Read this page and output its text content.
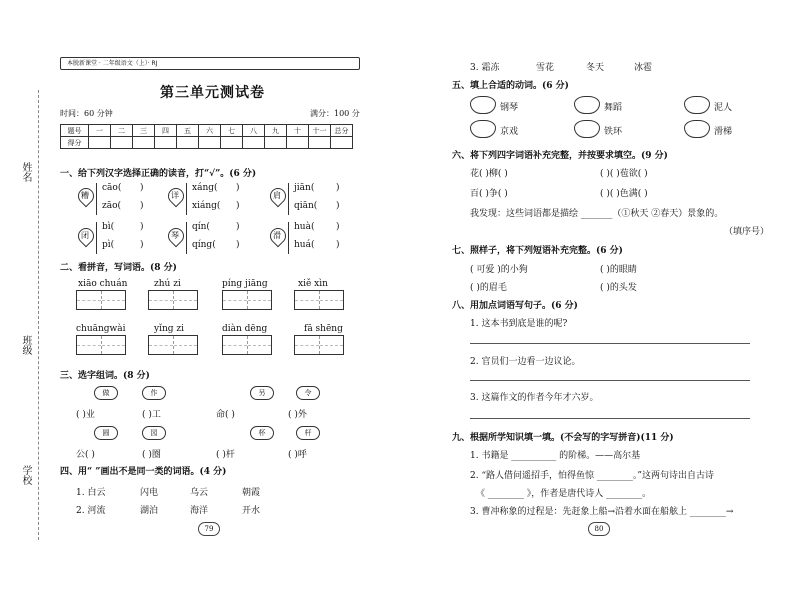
姓名
班级
学校
本脱新课堂 · 二年级语文（上）· RJ
第三单元测试卷
时间：60 分钟	满分：100 分
题号	一	二	三	四	五	六	七	八	九	十	十一	总分
得分												
一、给下列汉字选择正确的读音，打“√”。(6 分)
糟
cāo( )
zāo( )
详
xáng( )
xiáng( )
肩
jiān( )
qiān( )
闭
bì(	)
pì(	)
琴
qín(	)
qíng( )
滑
huà( )
huá( )
二、看拼音，写词语。(8 分)
xiāo chuán	zhú zi	píng jiāng	xiě xìn
chuāngwài	yǐng zi	diàn dēng	fā shēng
三、选字组词。(8 分)
做	作	另	令
( )业	( )工	命( )	( )外
圆	园	杯	杆
公( )	( )圈	( )杆	( )呼
四、用“ ”画出不是同一类的词语。(4 分)
1. 白云	闪电	乌云	朝霞
2. 河流	湖泊	海洋	开水
79
3. 霜冻	雪花	冬天	冰雹
五、填上合适的动词。(6 分)
钢琴	舞蹈	泥人
京戏	铁环	滑梯
六、将下列四字词语补充完整，并按要求填空。(9 分)
花( )柳( )	( )( )苞欲( )
百( )争( )	( )( )色满( )
我发现：这些词语都是描绘 _______（①秋天 ②春天）景象的。
（填序号）
七、照样子，将下列短语补充完整。(6 分)
( 可爱 )的小狗	( )的眼睛
( )的眉毛	( )的头发
八、用加点词语写句子。(6 分)
1. 这本书到底是谁的呢?
2. 官员们一边看一边议论。
3. 这篇作文的作者今年才六岁。
九、根据所学知识填一填。(不会写的字写拼音)(11 分)
1. 书籍是 __________ 的阶梯。——高尔基
2. “路人借问遥招手，怕得鱼惊 ________。”这两句诗出自古诗
《 ________ 》，作者是唐代诗人 ________。
3. 曹冲称象的过程是：先赶象上船→沿着水面在船舷上 ________→
80
